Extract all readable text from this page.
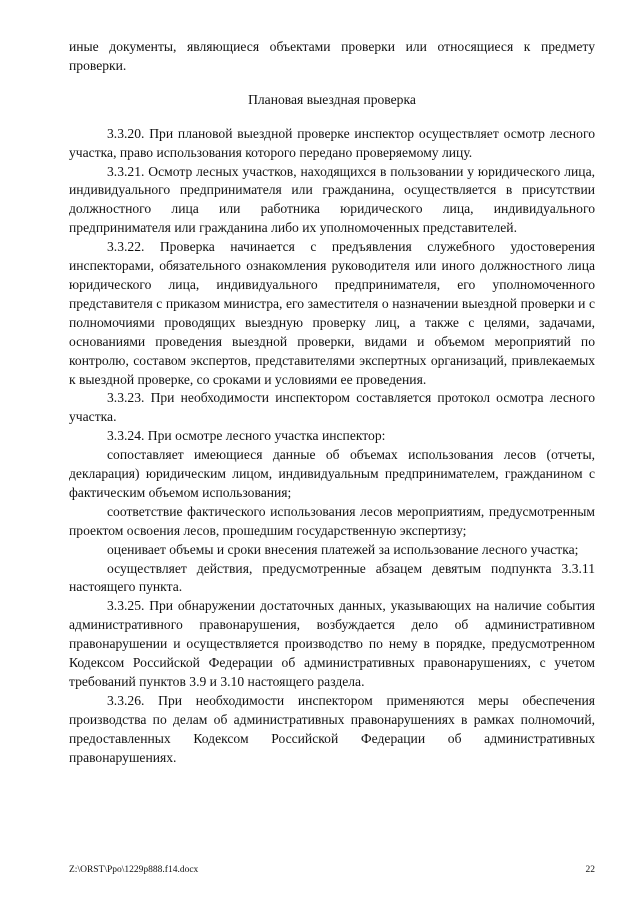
иные документы, являющиеся объектами проверки или относящиеся к предмету проверки.

Плановая выездная проверка

3.3.20. При плановой выездной проверке инспектор осуществляет осмотр лесного участка, право использования которого передано проверяемому лицу.

3.3.21. Осмотр лесных участков, находящихся в пользовании у юридического лица, индивидуального предпринимателя или гражданина, осуществляется в присутствии должностного лица или работника юридического лица, индивидуального предпринимателя или гражданина либо их уполномоченных представителей.

3.3.22. Проверка начинается с предъявления служебного удостоверения инспекторами, обязательного ознакомления руководителя или иного должностного лица юридического лица, индивидуального предпринимателя, его уполномоченного представителя с приказом министра, его заместителя о назначении выездной проверки и с полномочиями проводящих выездную проверку лиц, а также с целями, задачами, основаниями проведения выездной проверки, видами и объемом мероприятий по контролю, составом экспертов, представителями экспертных организаций, привлекаемых к выездной проверке, со сроками и условиями ее проведения.

3.3.23. При необходимости инспектором составляется протокол осмотра лесного участка.

3.3.24. При осмотре лесного участка инспектор:

сопоставляет имеющиеся данные об объемах использования лесов (отчеты, декларация) юридическим лицом, индивидуальным предпринимателем, гражданином с фактическим объемом использования;

соответствие фактического использования лесов мероприятиям, предусмотренным проектом освоения лесов, прошедшим государственную экспертизу;

оценивает объемы и сроки внесения платежей за использование лесного участка;

осуществляет действия, предусмотренные абзацем девятым подпункта 3.3.11 настоящего пункта.

3.3.25. При обнаружении достаточных данных, указывающих на наличие события административного правонарушения, возбуждается дело об административном правонарушении и осуществляется производство по нему в порядке, предусмотренном Кодексом Российской Федерации об административных правонарушениях, с учетом требований пунктов 3.9 и 3.10 настоящего раздела.

3.3.26. При необходимости инспектором применяются меры обеспечения производства по делам об административных правонарушениях в рамках полномочий, предоставленных Кодексом Российской Федерации об административных правонарушениях.

Z:\ORST\Ppo\1229p888.f14.docx	22
